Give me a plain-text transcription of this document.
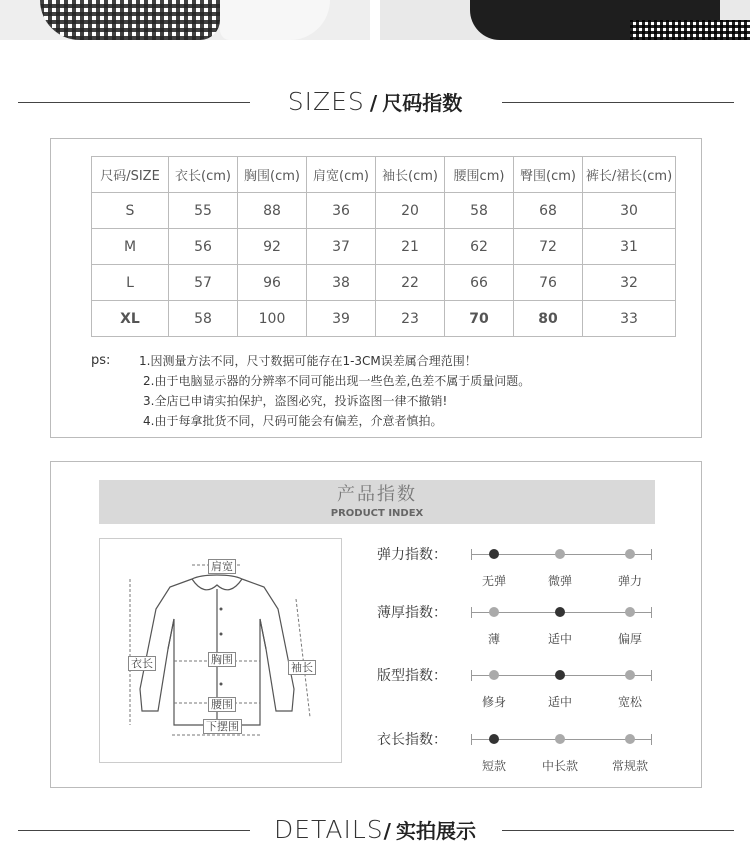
SIZES / 尺码指数
尺码/SIZE	衣长(cm)	胸围(cm)	肩宽(cm)	袖长(cm)	腰围cm)	臀围(cm)	裤长/裙长(cm)
S	55	88	36	20	58	68	30
M	56	92	37	21	62	72	31
L	57	96	38	22	66	76	32
XL	58	100	39	23	70	80	33
ps: 1.因测量方法不同，尺寸数据可能存在1-3CM误差属合理范围！
2.由于电脑显示器的分辨率不同可能出现一些色差,色差不属于质量问题。
3.全店已申请实拍保护，盗图必究，投诉盗图一律不撤销!
4.由于每拿批货不同，尺码可能会有偏差，介意者慎拍。
产品指数
PRODUCT INDEX
肩宽
胸围
衣长	袖长
腰围
下摆围
弹力指数：
无弹	微弹	弹力
薄厚指数：
薄	适中	偏厚
版型指数：
修身	适中	宽松
衣长指数：
短款	中长款	常规款
DETAILS/ 实拍展示
